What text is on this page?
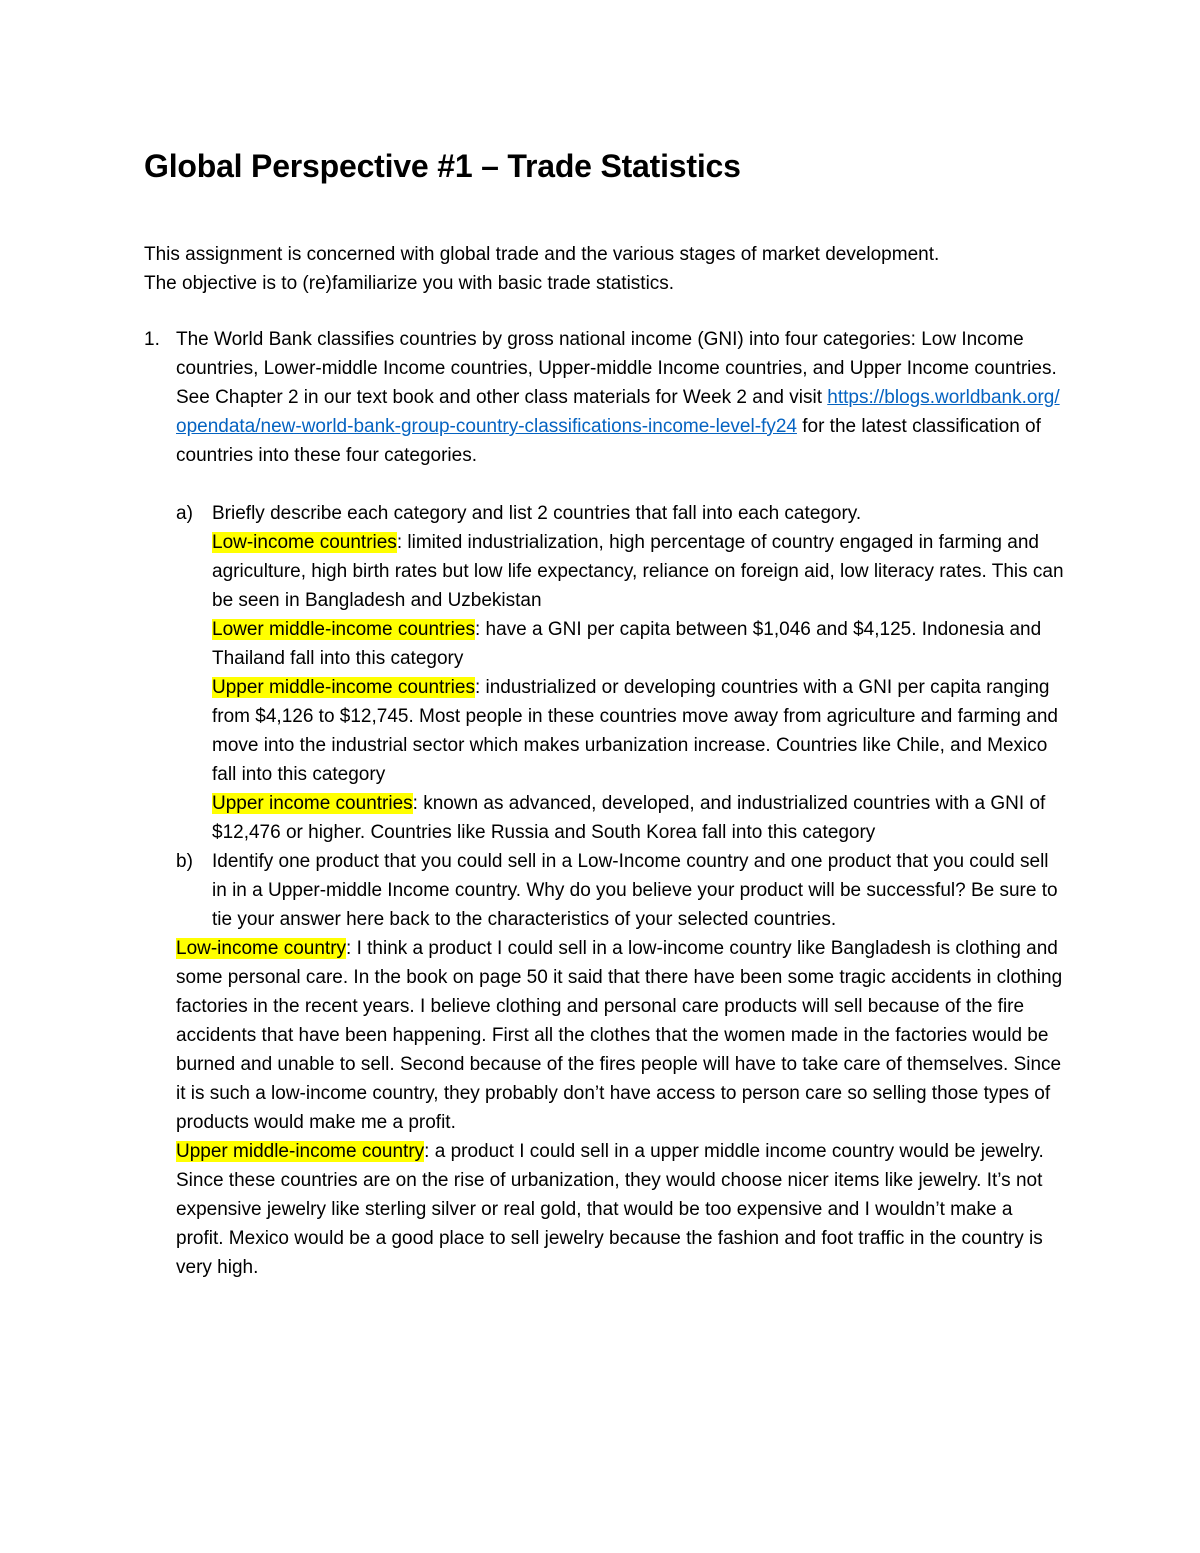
Global Perspective #1 – Trade Statistics
This assignment is concerned with global trade and the various stages of market development.
The objective is to (re)familiarize you with basic trade statistics.
1. The World Bank classifies countries by gross national income (GNI) into four categories: Low Income countries, Lower-middle Income countries, Upper-middle Income countries, and Upper Income countries. See Chapter 2 in our text book and other class materials for Week 2 and visit https://blogs.worldbank.org/opendata/new-world-bank-group-country-classifications-income-level-fy24 for the latest classification of countries into these four categories.
a) Briefly describe each category and list 2 countries that fall into each category.
Low-income countries: limited industrialization, high percentage of country engaged in farming and agriculture, high birth rates but low life expectancy, reliance on foreign aid, low literacy rates. This can be seen in Bangladesh and Uzbekistan
Lower middle-income countries: have a GNI per capita between $1,046 and $4,125. Indonesia and Thailand fall into this category
Upper middle-income countries: industrialized or developing countries with a GNI per capita ranging from $4,126 to $12,745. Most people in these countries move away from agriculture and farming and move into the industrial sector which makes urbanization increase. Countries like Chile, and Mexico fall into this category
Upper income countries: known as advanced, developed, and industrialized countries with a GNI of $12,476 or higher. Countries like Russia and South Korea fall into this category
b) Identify one product that you could sell in a Low-Income country and one product that you could sell in in a Upper-middle Income country. Why do you believe your product will be successful? Be sure to tie your answer here back to the characteristics of your selected countries.
Low-income country: I think a product I could sell in a low-income country like Bangladesh is clothing and some personal care. In the book on page 50 it said that there have been some tragic accidents in clothing factories in the recent years. I believe clothing and personal care products will sell because of the fire accidents that have been happening. First all the clothes that the women made in the factories would be burned and unable to sell. Second because of the fires people will have to take care of themselves. Since it is such a low-income country, they probably don’t have access to person care so selling those types of products would make me a profit.
Upper middle-income country: a product I could sell in a upper middle income country would be jewelry. Since these countries are on the rise of urbanization, they would choose nicer items like jewelry. It’s not expensive jewelry like sterling silver or real gold, that would be too expensive and I wouldn’t make a profit. Mexico would be a good place to sell jewelry because the fashion and foot traffic in the country is very high.
